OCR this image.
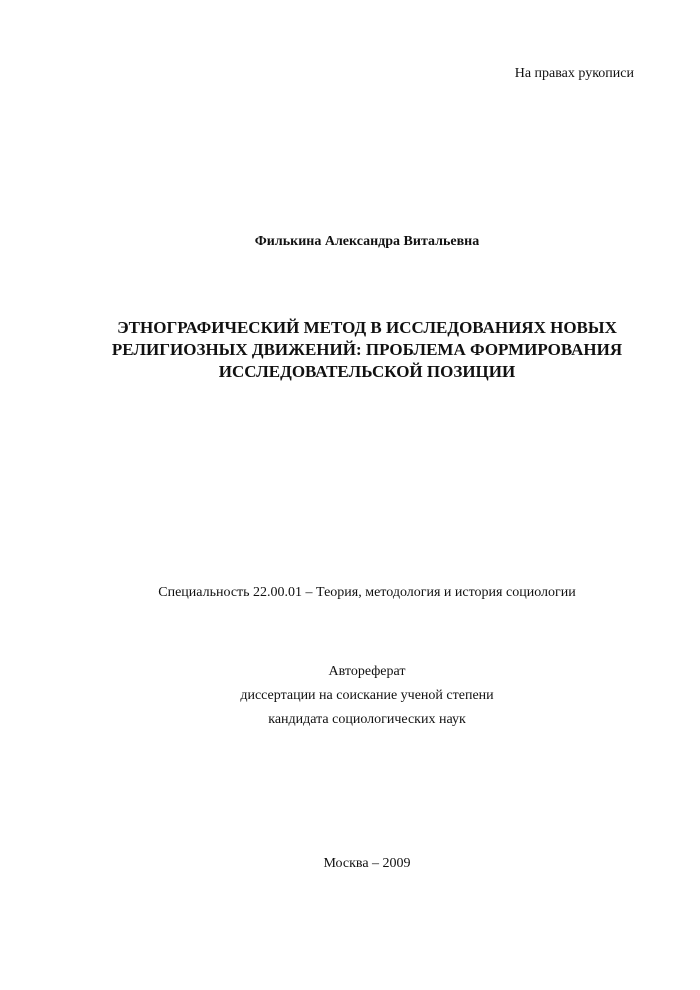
На правах рукописи
Филькина Александра Витальевна
ЭТНОГРАФИЧЕСКИЙ МЕТОД В ИССЛЕДОВАНИЯХ НОВЫХ
РЕЛИГИОЗНЫХ ДВИЖЕНИЙ: ПРОБЛЕМА ФОРМИРОВАНИЯ
ИССЛЕДОВАТЕЛЬСКОЙ ПОЗИЦИИ
Специальность 22.00.01 – Теория, методология и история социологии
Автореферат
диссертации на соискание ученой степени
кандидата социологических наук
Москва – 2009
